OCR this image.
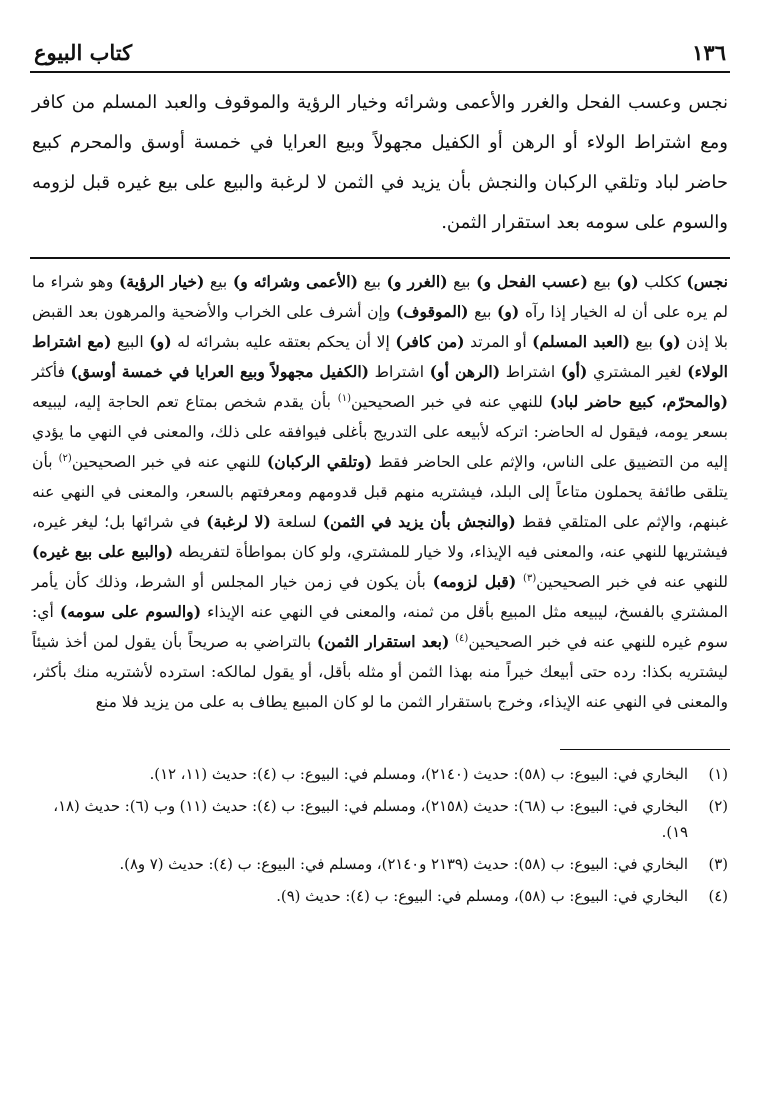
١٣٦
كتاب البيوع
نجس وعسب الفحل والغرر والأعمى وشرائه وخيار الرؤية والموقوف والعبد المسلم من كافر ومع اشتراط الولاء أو الرهن أو الكفيل مجهولاً وبيع العرايا في خمسة أوسق والمحرم كبيع حاضر لباد وتلقي الركبان والنجش بأن يزيد في الثمن لا لرغبة والبيع على بيع غيره قبل لزومه والسوم على سومه بعد استقرار الثمن.
نجس) ككلب (و) بيع (عسب الفحل و) بيع (الغرر و) بيع (الأعمى وشرائه و) بيع (خيار الرؤية) وهو شراء ما لم يره على أن له الخيار إذا رآه (و) بيع (الموقوف) وإن أشرف على الخراب والأضحية والمرهون بعد القبض بلا إذن (و) بيع (العبد المسلم) أو المرتد (من كافر) إلا أن يحكم بعتقه عليه بشرائه له (و) البيع (مع اشتراط الولاء) لغير المشتري (أو) اشتراط (الرهن أو) اشتراط (الكفيل مجهولاً وبيع العرايا في خمسة أوسق) فأكثر (والمحرّم، كبيع حاضر لباد) للنهي عنه في خبر الصحيحين$^{(١)}$ بأن يقدم شخص بمتاع تعم الحاجة إليه، ليبيعه بسعر يومه، فيقول له الحاضر: اتركه لأبيعه على التدريج بأغلى فيوافقه على ذلك، والمعنى في النهي ما يؤدي إليه من التضييق على الناس، والإثم على الحاضر فقط (وتلقي الركبان) للنهي عنه في خبر الصحيحين$^{(٢)}$ بأن يتلقى طائفة يحملون متاعاً إلى البلد، فيشتريه منهم قبل قدومهم ومعرفتهم بالسعر، والمعنى في النهي عنه غبنهم، والإثم على المتلقي فقط (والنجش بأن يزيد في الثمن) لسلعة (لا لرغبة) في شرائها بل؛ ليغر غيره، فيشتريها للنهي عنه، والمعنى فيه الإيذاء، ولا خيار للمشتري، ولو كان بمواطأة لتفريطه (والبيع على بيع غيره) للنهي عنه في خبر الصحيحين$^{(٣)}$ (قبل لزومه) بأن يكون في زمن خيار المجلس أو الشرط، وذلك كأن يأمر المشتري بالفسخ، ليبيعه مثل المبيع بأقل من ثمنه، والمعنى في النهي عنه الإيذاء (والسوم على سومه) أي: سوم غيره للنهي عنه في خبر الصحيحين$^{(٤)}$ (بعد استقرار الثمن) بالتراضي به صريحاً بأن يقول لمن أخذ شيئاً ليشتريه بكذا: رده حتى أبيعك خيراً منه بهذا الثمن أو مثله بأقل، أو يقول لمالكه: استرده لأشتريه منك بأكثر، والمعنى في النهي عنه الإيذاء، وخرج باستقرار الثمن ما لو كان المبيع يطاف به على من يزيد فلا منع
(١)
البخاري في: البيوع: ب (٥٨): حديث (٢١٤٠)، ومسلم في: البيوع: ب (٤): حديث (١١، ١٢).
(٢)
البخاري في: البيوع: ب (٦٨): حديث (٢١٥٨)، ومسلم في: البيوع: ب (٤): حديث (١١) وب (٦): حديث (١٨، ١٩).
(٣)
البخاري في: البيوع: ب (٥٨): حديث (٢١٣٩ و٢١٤٠)، ومسلم في: البيوع: ب (٤): حديث (٧ و٨).
(٤)
البخاري في: البيوع: ب (٥٨)، ومسلم في: البيوع: ب (٤): حديث (٩).
